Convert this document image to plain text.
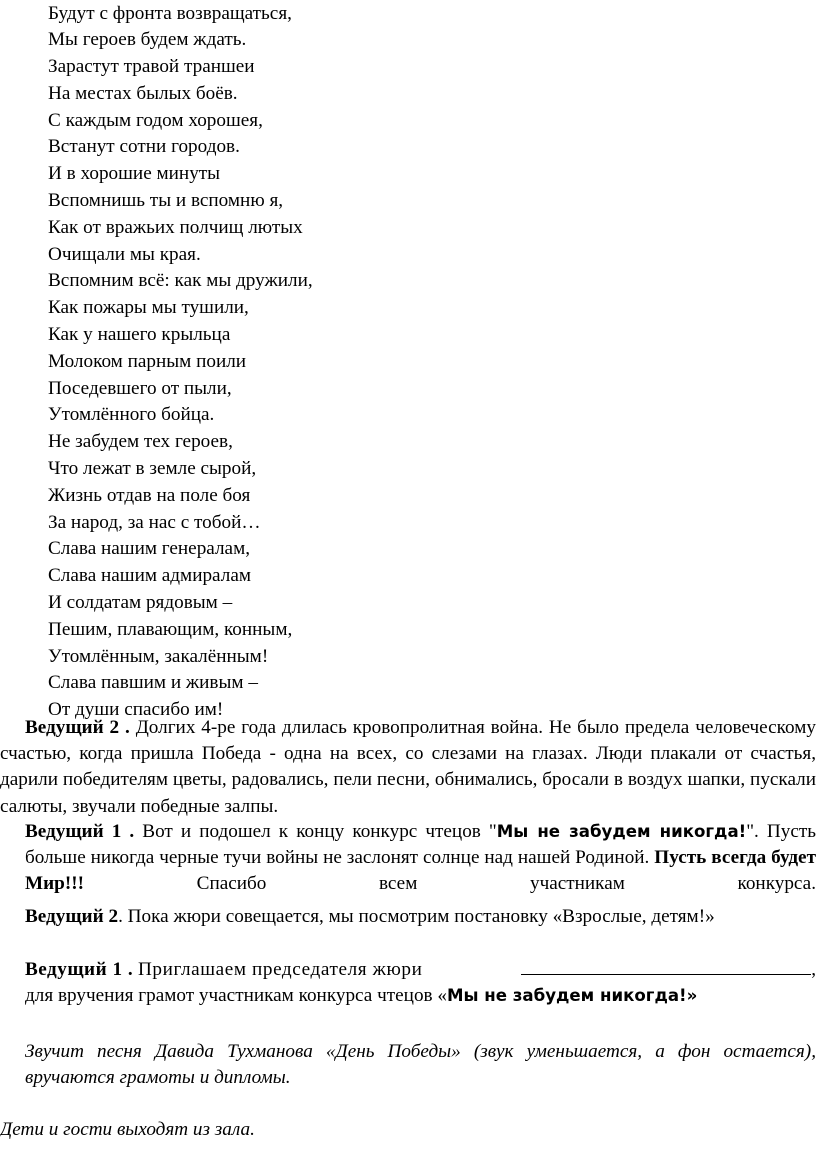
Будут с фронта возвращаться,
Мы героев будем ждать.
Зарастут травой траншеи
На местах былых боёв.
С каждым годом хорошея,
Встанут сотни городов.
И в хорошие минуты
Вспомнишь ты и вспомню я,
Как от вражьих полчищ лютых
Очищали мы края.
Вспомним всё: как мы дружили,
Как пожары мы тушили,
Как у нашего крыльца
Молоком парным поили
Поседевшего от пыли,
Утомлённого бойца.
Не забудем тех героев,
Что лежат в земле сырой,
Жизнь отдав на поле боя
За народ, за нас с тобой…
Слава нашим генералам,
Слава нашим адмиралам
И солдатам рядовым –
Пешим, плавающим, конным,
Утомлённым, закалённым!
Слава павшим и живым –
От души спасибо им!
Ведущий 2 . Долгих 4-ре года длилась кровопролитная война. Не было предела человеческому счастью, когда пришла Победа - одна на всех, со слезами на глазах. Люди плакали от счастья, дарили победителям цветы, радовались, пели песни, обнимались, бросали в воздух шапки, пускали салюты, звучали победные залпы.
Ведущий 1 . Вот и подошел к концу конкурс чтецов "Мы не забудем никогда!". Пусть больше никогда черные тучи войны не заслонят солнце над нашей Родиной. Пусть всегда будет Мир!!!	Спасибо всем участникам конкурса.
Ведущий 2. Пока жюри совещается, мы посмотрим постановку «Взрослые, детям!»
Ведущий 1 . Приглашаем председателя жюри	,
для вручения грамот участникам конкурса чтецов «Мы не забудем никогда!»
Звучит песня Давида Тухманова «День Победы» (звук уменьшается, а фон остается), вручаются грамоты и дипломы.
Дети и гости выходят из зала.
